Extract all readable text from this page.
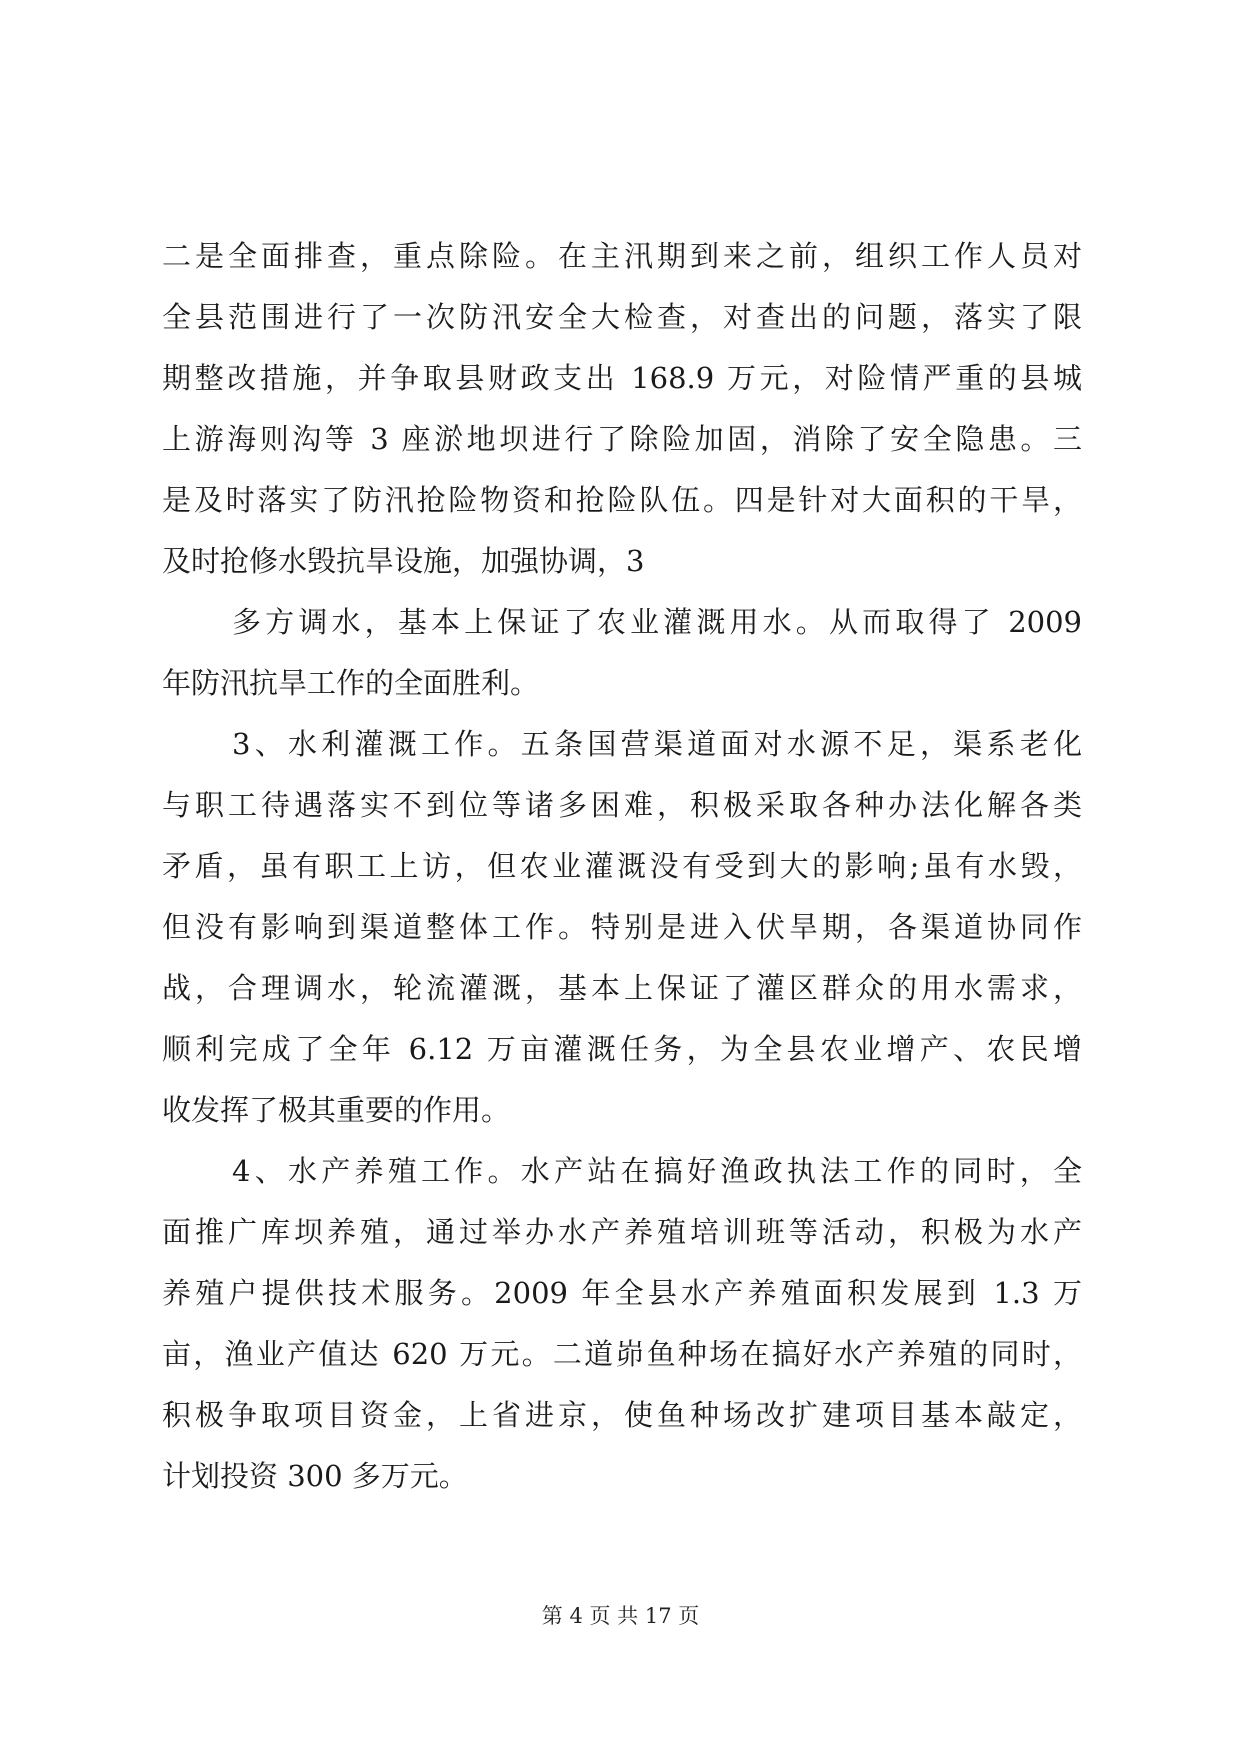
二是全面排查，重点除险。在主汛期到来之前，组织工作人员对
全县范围进行了一次防汛安全大检查，对查出的问题，落实了限
期整改措施，并争取县财政支出 168.9 万元，对险情严重的县城
上游海则沟等 3 座淤地坝进行了除险加固，消除了安全隐患。三
是及时落实了防汛抢险物资和抢险队伍。四是针对大面积的干旱，
及时抢修水毁抗旱设施，加强协调，3
多方调水，基本上保证了农业灌溉用水。从而取得了 2009
年防汛抗旱工作的全面胜利。
3、水利灌溉工作。五条国营渠道面对水源不足，渠系老化
与职工待遇落实不到位等诸多困难，积极采取各种办法化解各类
矛盾，虽有职工上访，但农业灌溉没有受到大的影响;虽有水毁，
但没有影响到渠道整体工作。特别是进入伏旱期，各渠道协同作
战，合理调水，轮流灌溉，基本上保证了灌区群众的用水需求，
顺利完成了全年 6.12 万亩灌溉任务，为全县农业增产、农民增
收发挥了极其重要的作用。
4、水产养殖工作。水产站在搞好渔政执法工作的同时，全
面推广库坝养殖，通过举办水产养殖培训班等活动，积极为水产
养殖户提供技术服务。2009 年全县水产养殖面积发展到 1.3 万
亩，渔业产值达 620 万元。二道峁鱼种场在搞好水产养殖的同时，
积极争取项目资金，上省进京，使鱼种场改扩建项目基本敲定，
计划投资 300 多万元。
第 4 页 共 17 页
